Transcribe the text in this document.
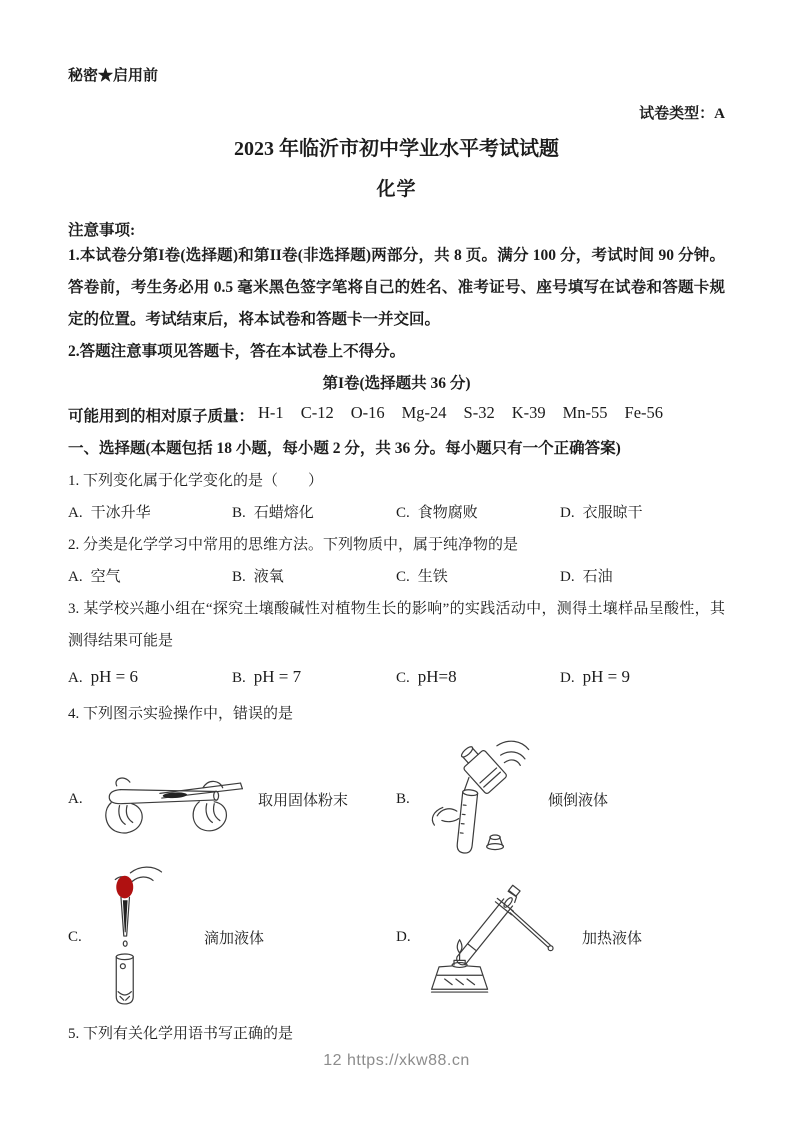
秘密★启用前
试卷类型：A
2023 年临沂市初中学业水平考试试题
化学
注意事项:
1.本试卷分第I卷(选择题)和第II卷(非选择题)两部分，共 8 页。满分 100 分，考试时间 90 分钟。答卷前，考生务必用 0.5 毫米黑色签字笔将自己的姓名、准考证号、座号填写在试卷和答题卡规定的位置。考试结束后，将本试卷和答题卡一并交回。
2.答题注意事项见答题卡，答在本试卷上不得分。
第I卷(选择题共 36 分)
可能用到的相对原子质量： H-1 C-12 O-16 Mg-24 S-32 K-39 Mn-55 Fe-56
一、选择题(本题包括 18 小题，每小题 2 分，共 36 分。每小题只有一个正确答案)
1. 下列变化属于化学变化的是（　　）
A. 干冰升华	B. 石蜡熔化	C. 食物腐败	D. 衣服晾干
2. 分类是化学学习中常用的思维方法。下列物质中，属于纯净物的是
A. 空气	B. 液氧	C. 生铁	D. 石油
3. 某学校兴趣小组在“探究土壤酸碱性对植物生长的影响”的实践活动中，测得土壤样品呈酸性，其测得结果可能是
A. pH = 6	B. pH = 7	C. pH=8	D. pH = 9
4. 下列图示实验操作中，错误的是
A.	取用固体粉末	B.	倾倒液体
C.	滴加液体	D.	加热液体
5. 下列有关化学用语书写正确的是
12 https://xkw88.cn
